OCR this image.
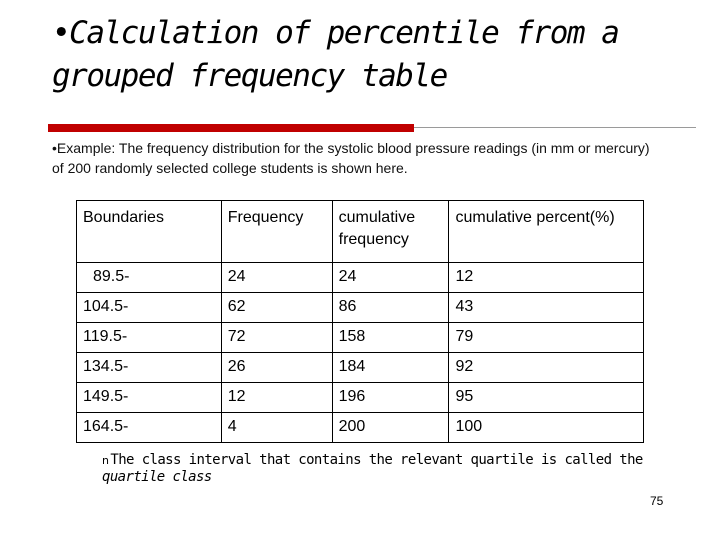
•Calculation of percentile from a grouped frequency table
•Example: The frequency distribution for the systolic blood pressure readings (in mm or mercury) of 200 randomly selected college students is shown here.
Boundaries	Frequency	cumulative frequency	cumulative percent(%)
89.5-	24	24	12
104.5-	62	86	43
119.5-	72	158	79
134.5-	26	184	92
149.5-	12	196	95
164.5-	4	200	100
n The class interval that contains the relevant quartile is called the
quartile class
75
